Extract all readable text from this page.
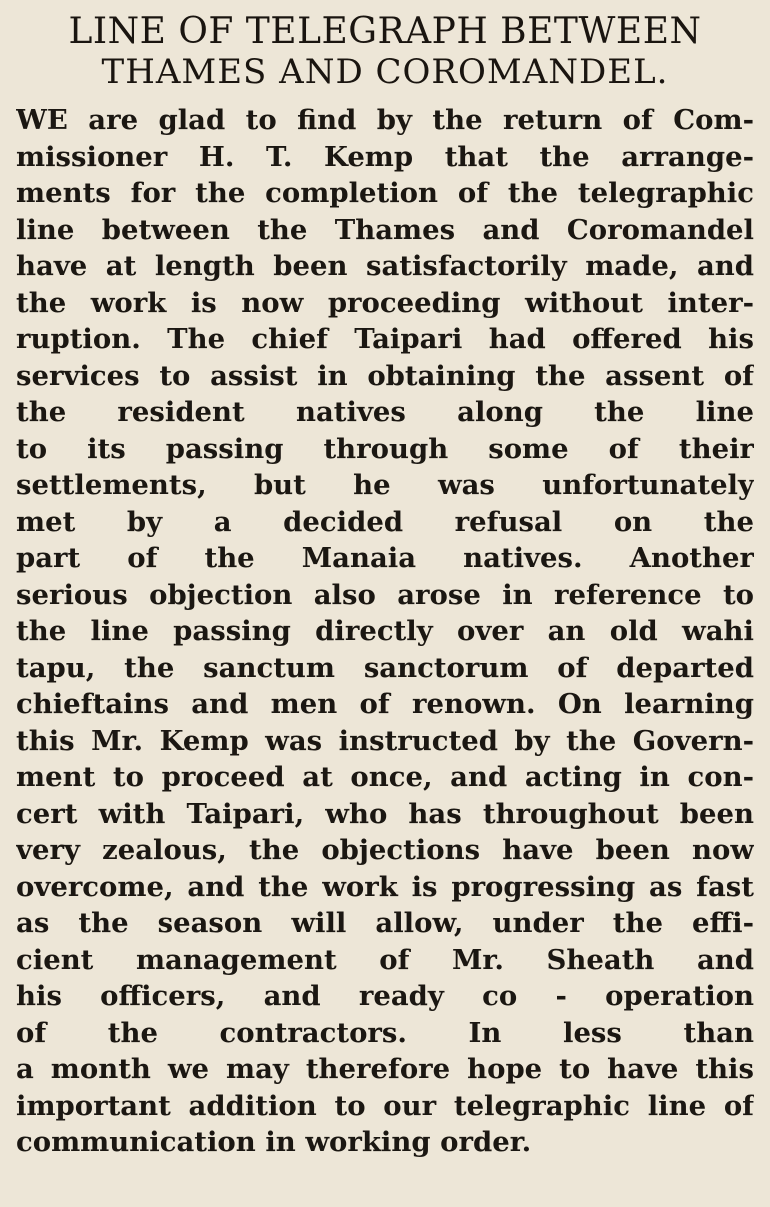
LINE OF TELEGRAPH BETWEEN
THAMES AND COROMANDEL.
WE are glad to find by the return of Com-
missioner H. T. Kemp that the arrange-
ments for the completion of the telegraphic
line between the Thames and Coromandel
have at length been satisfactorily made, and
the work is now proceeding without inter-
ruption. The chief Taipari had offered his
services to assist in obtaining the assent of
the resident natives along the line
to its passing through some of their
settlements, but he was unfortunately
met by a decided refusal on the
part of the Manaia natives. Another
serious objection also arose in reference to
the line passing directly over an old wahi
tapu, the sanctum sanctorum of departed
chieftains and men of renown. On learning
this Mr. Kemp was instructed by the Govern-
ment to proceed at once, and acting in con-
cert with Taipari, who has throughout been
very zealous, the objections have been now
overcome, and the work is progressing as fast
as the season will allow, under the effi-
cient management of Mr. Sheath and
his officers, and ready co - operation
of the contractors. In less than
a month we may therefore hope to have this
important addition to our telegraphic line of
communication in working order.
